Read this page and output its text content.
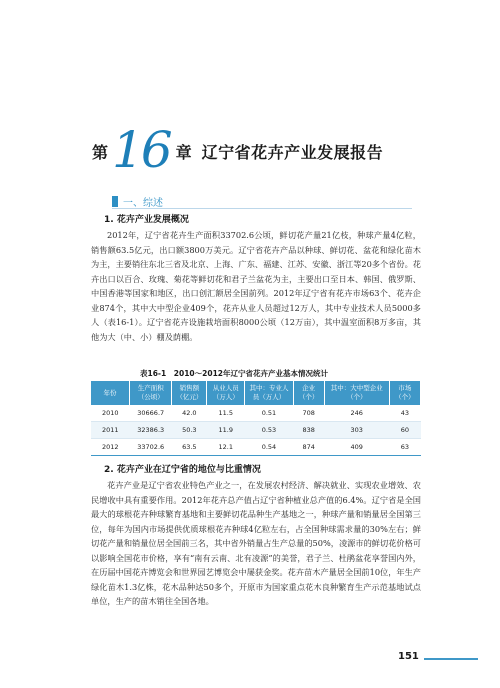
第 16 章 辽宁省花卉产业发展报告
一、综述
1. 花卉产业发展概况
2012年，辽宁省花卉生产面积33702.6公顷，鲜切花产量21亿枝，种球产量4亿粒，销售额63.5亿元，出口额3800万美元。辽宁省花卉产品以种球、鲜切花、盆花和绿化苗木为主，主要销往东北三省及北京、上海、广东、福建、江苏、安徽、浙江等20多个省份。花卉出口以百合、玫瑰、菊花等鲜切花和君子兰盆花为主，主要出口至日本、韩国、俄罗斯、中国香港等国家和地区，出口创汇额居全国前列。2012年辽宁省有花卉市场63个、花卉企业874个，其中大中型企业409个，花卉从业人员超过12万人，其中专业技术人员5000多人（表16-1）。辽宁省花卉设施栽培面积8000公顷（12万亩），其中温室面积8万多亩，其他为大（中、小）棚及荫棚。
表16-1　2010～2012年辽宁省花卉产业基本情况统计
年份	生产面积（公顷）	销售额（亿元）	从业人员（万人）	其中：专业人员（万人）	企业（个）	其中：大中型企业（个）	市场（个）
2010	30666.7	42.0	11.5	0.51	708	246	43
2011	32386.3	50.3	11.9	0.53	838	303	60
2012	33702.6	63.5	12.1	0.54	874	409	63
2. 花卉产业在辽宁省的地位与比重情况
花卉产业是辽宁省农业特色产业之一，在发展农村经济、解决就业、实现农业增效、农民增收中具有重要作用。2012年花卉总产值占辽宁省种植业总产值的6.4%。辽宁省是全国最大的球根花卉种球繁育基地和主要鲜切花品种生产基地之一，种球产量和销量居全国第三位，每年为国内市场提供优质球根花卉种球4亿粒左右，占全国种球需求量的30%左右；鲜切花产量和销量位居全国前三名，其中省外销量占生产总量的50%，凌源市的鲜切花价格可以影响全国花市价格，享有“南有云南、北有凌源”的美誉，君子兰、杜鹃盆花享誉国内外，在历届中国花卉博览会和世界园艺博览会中屡获金奖。花卉苗木产量居全国前10位，年生产绿化苗木1.3亿株，花木品种达50多个，开原市为国家重点花木良种繁育生产示范基地试点单位，生产的苗木销往全国各地。
151
